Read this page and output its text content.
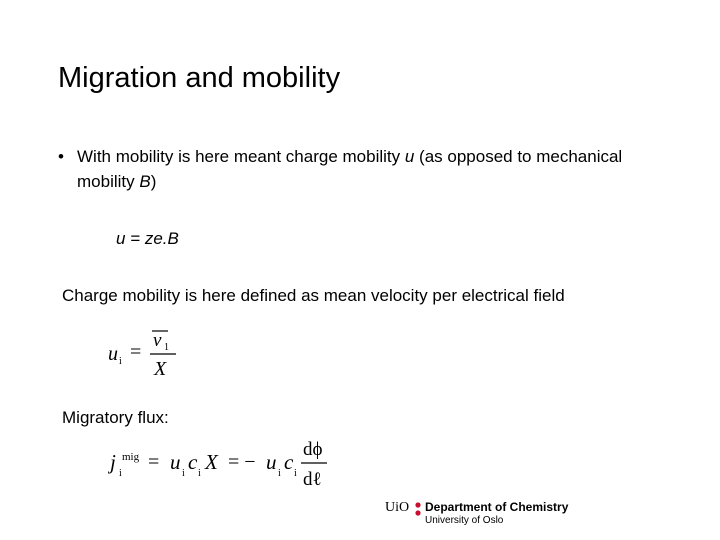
Migration and mobility
• With mobility is here meant charge mobility u (as opposed to mechanical mobility B)
u = ze.B
Charge mobility is here defined as mean velocity per electrical field
u i =
v 1
X
Migratory flux:
j mig
i
= u i c i X = − u i c i
dϕ
dℓ
UiO Department of Chemistry
University of Oslo
